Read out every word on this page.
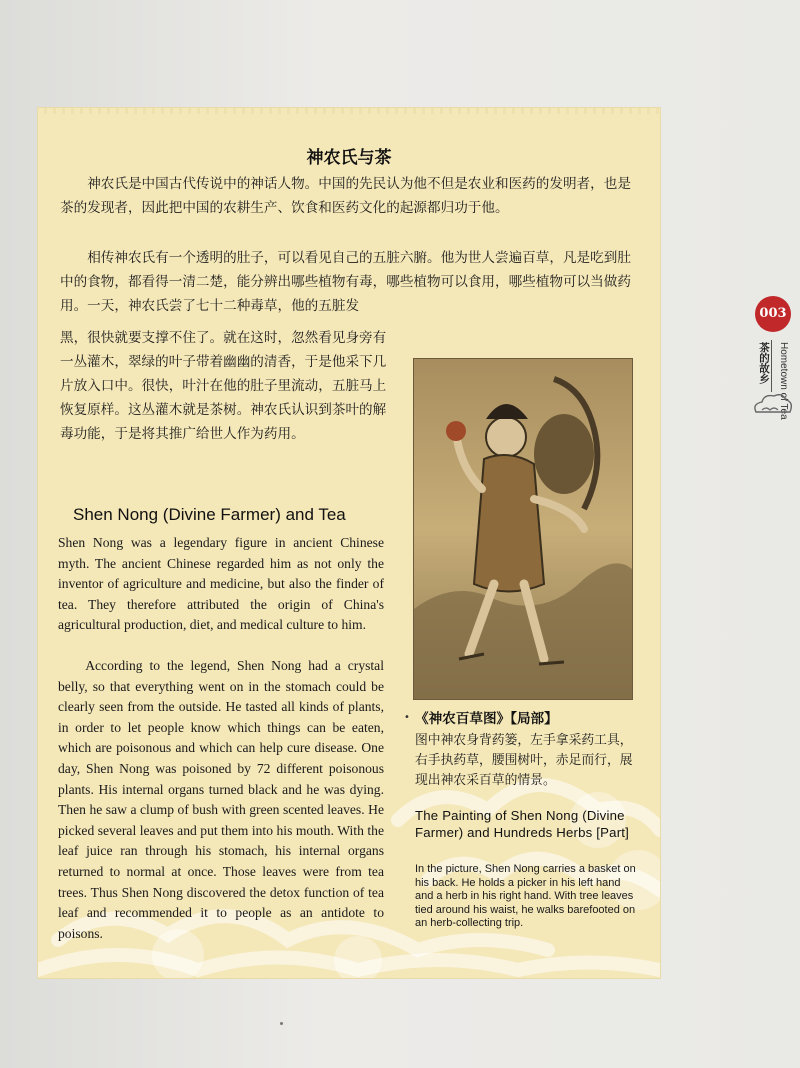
神农氏与茶

神农氏是中国古代传说中的神话人物。中国的先民认为他不但是农业和医药的发明者，也是茶的发现者，因此把中国的农耕生产、饮食和医药文化的起源都归功于他。

相传神农氏有一个透明的肚子，可以看见自己的五脏六腑。他为世人尝遍百草，凡是吃到肚中的食物，都看得一清二楚，能分辨出哪些植物有毒，哪些植物可以食用，哪些植物可以当做药用。一天，神农氏尝了七十二种毒草，他的五脏发

黑，很快就要支撑不住了。就在这时，忽然看见身旁有一丛灌木，翠绿的叶子带着幽幽的清香，于是他采下几片放入口中。很快，叶汁在他的肚子里流动，五脏马上恢复原样。这丛灌木就是茶树。神农氏认识到茶叶的解毒功能，于是将其推广给世人作为药用。

Shen Nong (Divine Farmer) and Tea

Shen Nong was a legendary figure in ancient Chinese myth. The ancient Chinese regarded him as not only the inventor of agriculture and medicine, but also the finder of tea. They therefore attributed the origin of China's agricultural production, diet, and medical culture to him.

According to the legend, Shen Nong had a crystal belly, so that everything went on in the stomach could be clearly seen from the outside. He tasted all kinds of plants, in order to let people know which things can be eaten, which are poisonous and which can help cure disease. One day, Shen Nong was poisoned by 72 different poisonous plants. His internal organs turned black and he was dying. Then he saw a clump of bush with green scented leaves. He picked several leaves and put them into his mouth. With the leaf juice ran through his stomach, his internal organs returned to normal at once. Those leaves were from tea trees. Thus Shen Nong discovered the detox function of tea leaf and recommended it to people as an antidote to poisons.

• 《神农百草图》【局部】

图中神农身背药篓，左手拿采药工具，右手执药草，腰围树叶，赤足而行，展现出神农采百草的情景。

The Painting of Shen Nong (Divine Farmer) and Hundreds Herbs [Part]

In the picture, Shen Nong carries a basket on his back. He holds a picker in his left hand and a herb in his right hand. With tree leaves tied around his waist, he walks barefooted on an herb-collecting trip.

003
茶的故乡 Hometown of Tea
